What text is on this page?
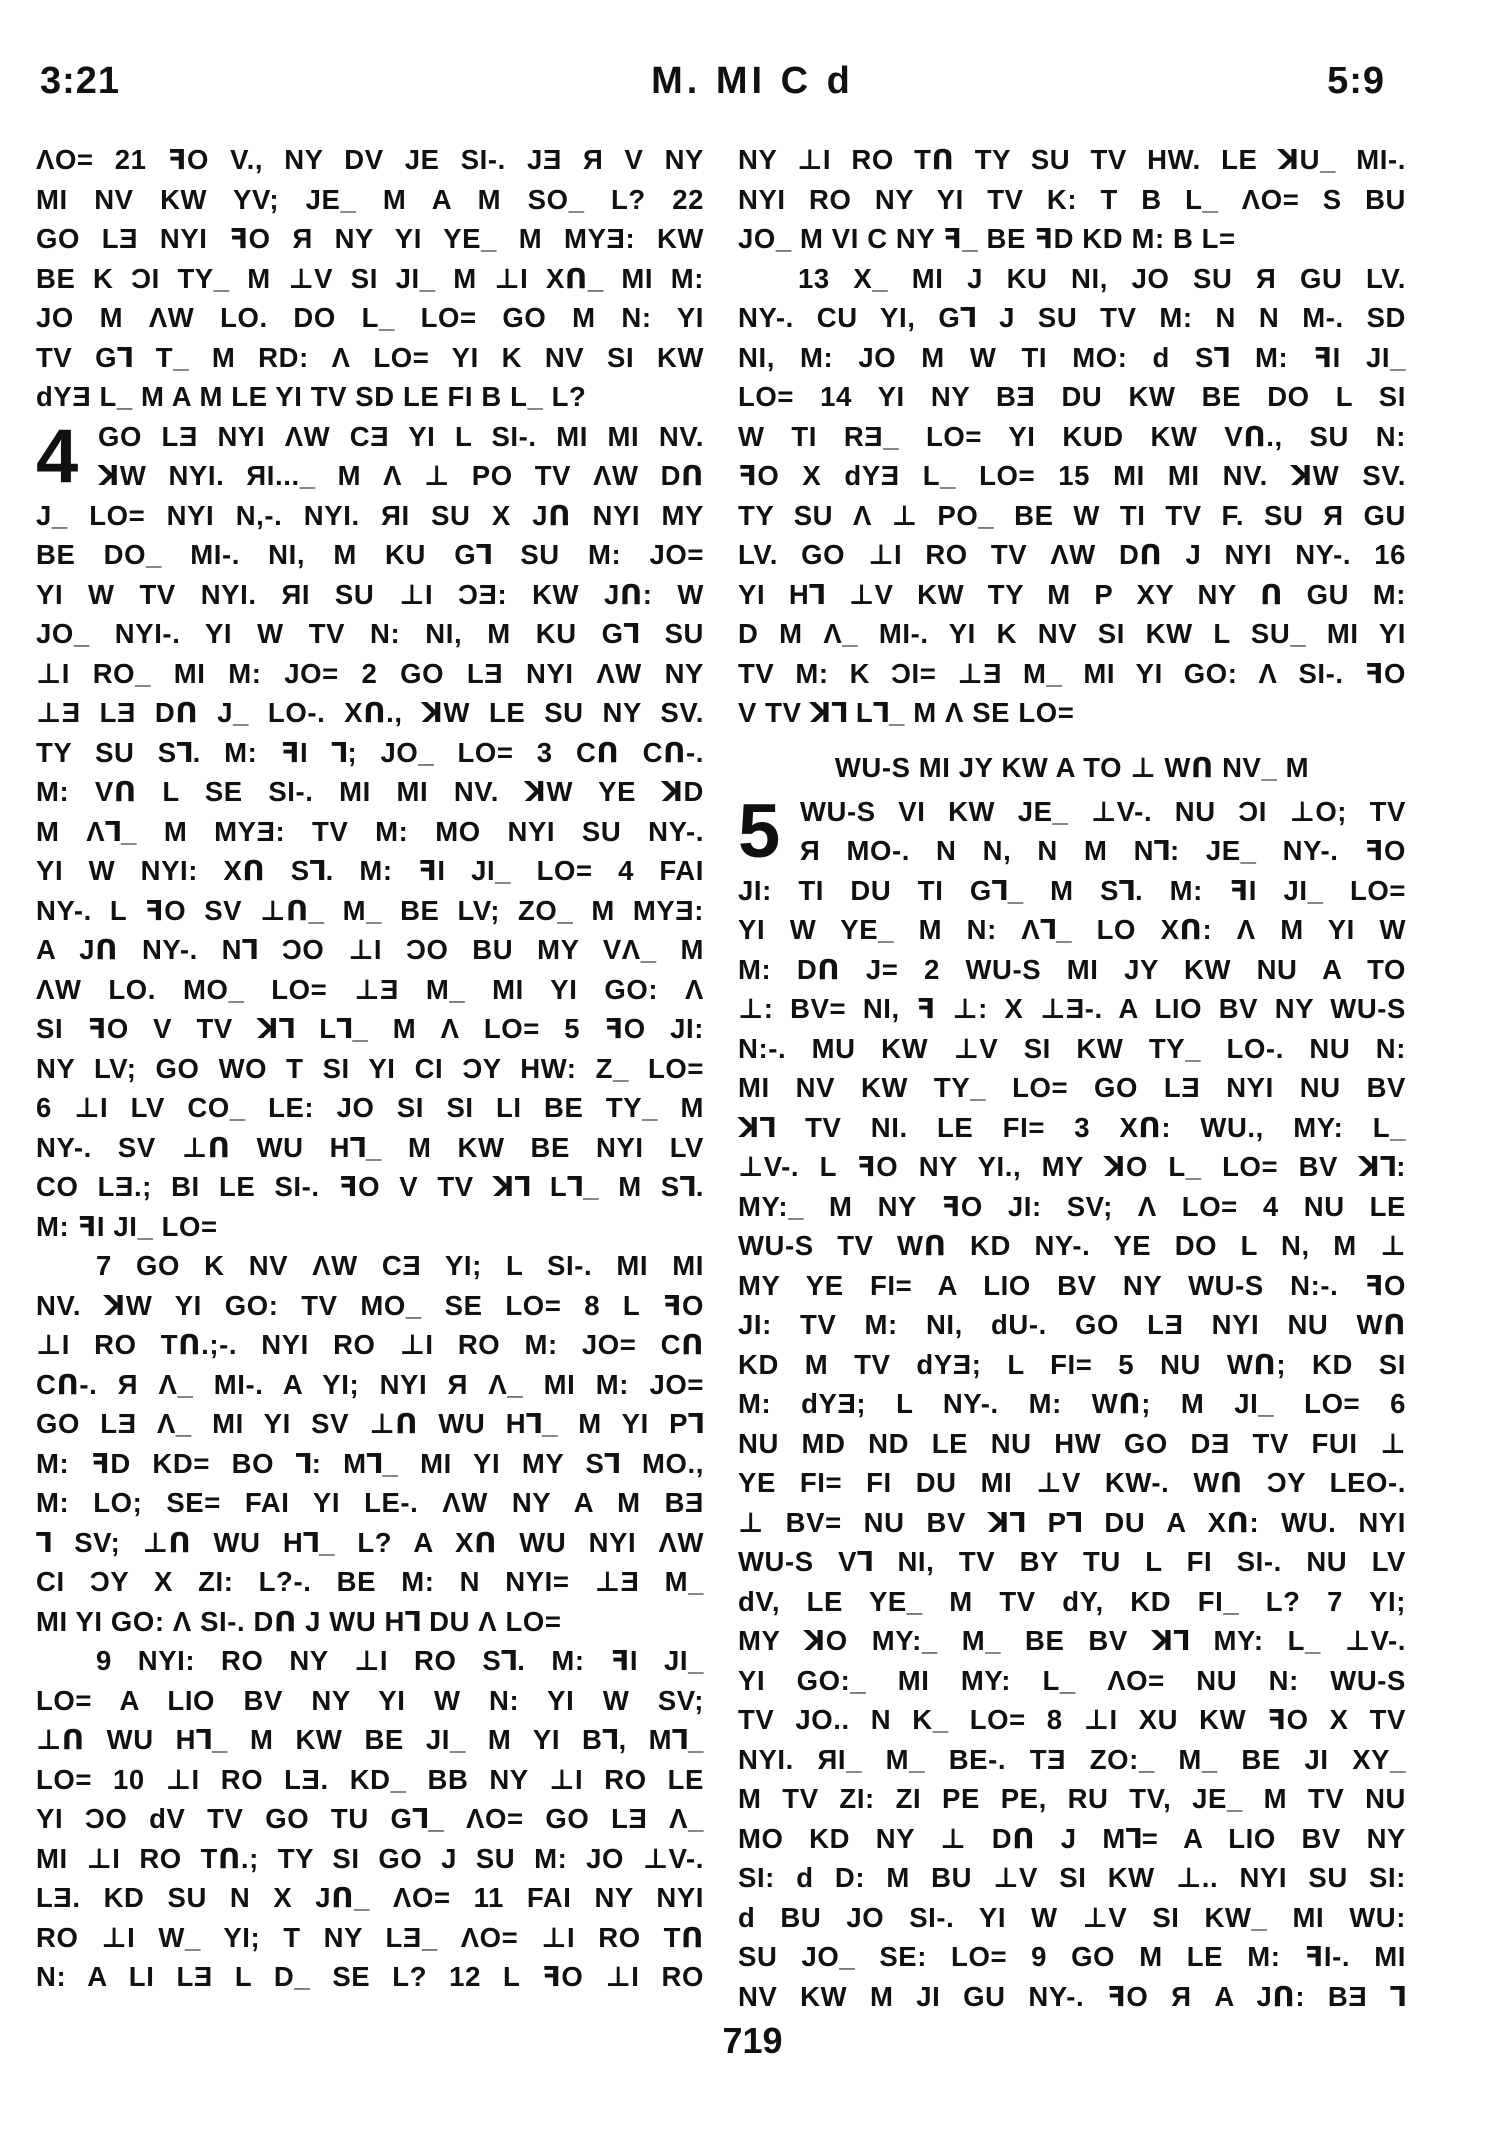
3:21	M. MI C d	5:9
ɅO= 21 ꟻO V., NY DV JE SI-. JƎ Я V NY
MI NV KW YV; JE_ M A M SO_ L? 22
GO LƎ NYI ꟻO Я NY YI YE_ M MYƎ: KW
BE K ƆI TY_ M ⊥V SI JI_ M ⊥I Xꓵ_ MI M:
JO M ɅW LO. DO L_ LO= GO M N: YI
TV G⅂ T_ M RD: Ʌ LO= YI K NV SI KW
dYƎ L_ M A M LE YI TV SD LE FI B L_ L?
4 GO LƎ NYI ɅW CƎ YI L SI-. MI MI NV.
ꓘW NYI. ЯI..._ M Ʌ ⊥ PO TV ɅW Dꓵ
J_ LO= NYI N,-. NYI. ЯI SU X Jꓵ NYI MY
BE DO_ MI-. NI, M KU G⅂ SU M: JO=
YI W TV NYI. ЯI SU ⊥I ƆƎ: KW Jꓵ: W
JO_ NYI-. YI W TV N: NI, M KU G⅂ SU
⊥I RO_ MI M: JO= 2 GO LƎ NYI ɅW NY
⊥Ǝ LƎ Dꓵ J_ LO-. Xꓵ., ꓘW LE SU NY SV.
TY SU S⅂. M: ꟻI ⅂; JO_ LO= 3 Cꓵ Cꓵ-.
M: Vꓵ L SE SI-. MI MI NV. ꓘW YE ꓘD
M Ʌ⅂_ M MYƎ: TV M: MO NYI SU NY-.
YI W NYI: Xꓵ S⅂. M: ꟻI JI_ LO= 4 FAI
NY-. L ꟻO SV ⊥ꓵ_ M_ BE LV; ZO_ M MYƎ:
A Jꓵ NY-. N⅂ ƆO ⊥I ƆO BU MY VɅ_ M
ɅW LO. MO_ LO= ⊥Ǝ M_ MI YI GO: Ʌ
SI ꟻO V TV ꓘ⅂ L⅂_ M Ʌ LO= 5 ꟻO JI:
NY LV; GO WO T SI YI CI ƆY HW: Z_ LO=
6 ⊥I LV CO_ LE: JO SI SI LI BE TY_ M
NY-. SV ⊥ꓵ WU H⅂_ M KW BE NYI LV
CO LƎ.; BI LE SI-. ꟻO V TV ꓘ⅂ L⅂_ M S⅂.
M: ꟻI JI_ LO=
7 GO K NV ɅW CƎ YI; L SI-. MI MI
NV. ꓘW YI GO: TV MO_ SE LO= 8 L ꟻO
⊥I RO Tꓵ.;-. NYI RO ⊥I RO M: JO= Cꓵ
Cꓵ-. Я Ʌ_ MI-. A YI; NYI Я Ʌ_ MI M: JO=
GO LƎ Ʌ_ MI YI SV ⊥ꓵ WU H⅂_ M YI P⅂
M: ꟻD KD= BO ⅂: M⅂_ MI YI MY S⅂ MO.,
M: LO; SE= FAI YI LE-. ɅW NY A M BƎ
⅂ SV; ⊥ꓵ WU H⅂_ L? A Xꓵ WU NYI ɅW
CI ƆY X ZI: L?-. BE M: N NYI= ⊥Ǝ M_
MI YI GO: Ʌ SI-. Dꓵ J WU H⅂ DU Ʌ LO=
9 NYI: RO NY ⊥I RO S⅂. M: ꟻI JI_
LO= A LIO BV NY YI W N: YI W SV;
⊥ꓵ WU H⅂_ M KW BE JI_ M YI B⅂, M⅂_
LO= 10 ⊥I RO LƎ. KD_ BB NY ⊥I RO LE
YI ƆO dV TV GO TU G⅂_ ɅO= GO LƎ Ʌ_
MI ⊥I RO Tꓵ.; TY SI GO J SU M: JO ⊥V-.
LƎ. KD SU N X Jꓵ_ ɅO= 11 FAI NY NYI
RO ⊥I W_ YI; T NY LƎ_ ɅO= ⊥I RO Tꓵ
N: A LI LƎ L D_ SE L? 12 L ꟻO ⊥I RO
NY ⊥I RO Tꓵ TY SU TV HW. LE ꓘU_ MI-.
NYI RO NY YI TV K: T B L_ ɅO= S BU
JO_ M VI C NY ꟻ_ BE ꟻD KD M: B L=
13 X_ MI J KU NI, JO SU Я GU LV.
NY-. CU YI, G⅂ J SU TV M: N N M-. SD
NI, M: JO M W TI MO: d S⅂ M: ꟻI JI_
LO= 14 YI NY BƎ DU KW BE DO L SI
W TI RƎ_ LO= YI KUD KW Vꓵ., SU N:
ꟻO X dYƎ L_ LO= 15 MI MI NV. ꓘW SV.
TY SU Ʌ ⊥ PO_ BE W TI TV F. SU Я GU
LV. GO ⊥I RO TV ɅW Dꓵ J NYI NY-. 16
YI H⅂ ⊥V KW TY M P XY NY ꓵ GU M:
D M Ʌ_ MI-. YI K NV SI KW L SU_ MI YI
TV M: K ƆI= ⊥Ǝ M_ MI YI GO: Ʌ SI-. ꟻO
V TV ꓘ⅂ L⅂_ M Ʌ SE LO=
WU-S MI JY KW A TO ⊥ Wꓵ NV_ M
5 WU-S VI KW JE_ ⊥V-. NU ƆI ⊥O; TV
Я MO-. N N, N M N⅂: JE_ NY-. ꟻO
JI: TI DU TI G⅂_ M S⅂. M: ꟻI JI_ LO=
YI W YE_ M N: Ʌ⅂_ LO Xꓵ: Ʌ M YI W
M: Dꓵ J= 2 WU-S MI JY KW NU A TO
⊥: BV= NI, ꟻ ⊥: X ⊥Ǝ-. A LIO BV NY WU-S
N:-. MU KW ⊥V SI KW TY_ LO-. NU N:
MI NV KW TY_ LO= GO LƎ NYI NU BV
ꓘ⅂ TV NI. LE FI= 3 Xꓵ: WU., MY: L_
⊥V-. L ꟻO NY YI., MY ꓘO L_ LO= BV ꓘ⅂:
MY:_ M NY ꟻO JI: SV; Ʌ LO= 4 NU LE
WU-S TV Wꓵ KD NY-. YE DO L N, M ⊥
MY YE FI= A LIO BV NY WU-S N:-. ꟻO
JI: TV M: NI, dU-. GO LƎ NYI NU Wꓵ
KD M TV dYƎ; L FI= 5 NU Wꓵ; KD SI
M: dYƎ; L NY-. M: Wꓵ; M JI_ LO= 6
NU MD ND LE NU HW GO DƎ TV FUI ⊥
YE FI= FI DU MI ⊥V KW-. Wꓵ ƆY LEO-.
⊥ BV= NU BV ꓘ⅂ P⅂ DU A Xꓵ: WU. NYI
WU-S V⅂ NI, TV BY TU L FI SI-. NU LV
dV, LE YE_ M TV dY, KD FI_ L? 7 YI;
MY ꓘO MY:_ M_ BE BV ꓘ⅂ MY: L_ ⊥V-.
YI GO:_ MI MY: L_ ɅO= NU N: WU-S
TV JO.. N K_ LO= 8 ⊥I XU KW ꟻO X TV
NYI. ЯI_ M_ BE-. TƎ ZO:_ M_ BE JI XY_
M TV ZI: ZI PE PE, RU TV, JE_ M TV NU
MO KD NY ⊥ Dꓵ J M⅂= A LIO BV NY
SI: d D: M BU ⊥V SI KW ⊥.. NYI SU SI:
d BU JO SI-. YI W ⊥V SI KW_ MI WU:
SU JO_ SE: LO= 9 GO M LE M: ꟻI-. MI
NV KW M JI GU NY-. ꟻO Я A Jꓵ: BƎ ⅂
719
